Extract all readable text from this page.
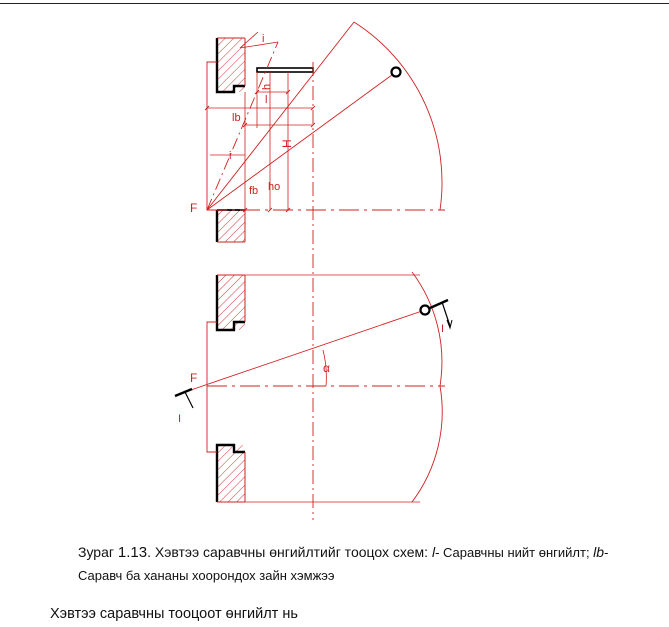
i
h
l
lb
H
i
fb ho
F
α
I
I
F
Зураг 1.13. Хэвтээ саравчны өнгийлтийг тооцох схем: l- Саравчны нийт өнгийлт; lb- Саравч ба хананы хоорондох зайн хэмжээ
Хэвтээ саравчны тооцоот өнгийлт нь
